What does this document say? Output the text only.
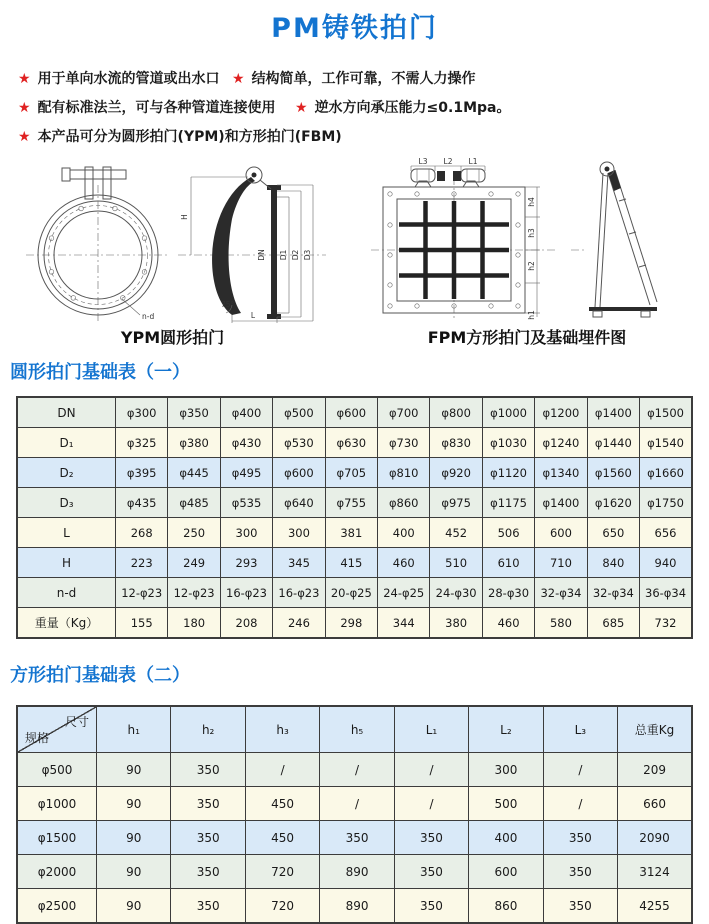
PM铸铁拍门
★ 用于单向水流的管道或出水口 ★ 结构简单，工作可靠，不需人力操作
★ 配有标准法兰，可与各种管道连接使用 ★ 逆水方向承压能力≤0.1Mpa。
★ 本产品可分为圆形拍门(YPM)和方形拍门(FBM)
n-d
H
DN D1 D2 D3
75°
L
YPM圆形拍门
L3 L2 L1
h4
h3
h2
h1
FPM方形拍门及基础埋件图
圆形拍门基础表（一）
DN	φ300	φ350	φ400	φ500	φ600	φ700	φ800	φ1000	φ1200	φ1400	φ1500
D₁	φ325	φ380	φ430	φ530	φ630	φ730	φ830	φ1030	φ1240	φ1440	φ1540
D₂	φ395	φ445	φ495	φ600	φ705	φ810	φ920	φ1120	φ1340	φ1560	φ1660
D₃	φ435	φ485	φ535	φ640	φ755	φ860	φ975	φ1175	φ1400	φ1620	φ1750
L	268	250	300	300	381	400	452	506	600	650	656
H	223	249	293	345	415	460	510	610	710	840	940
n-d	12-φ23	12-φ23	16-φ23	16-φ23	20-φ25	24-φ25	24-φ30	28-φ30	32-φ34	32-φ34	36-φ34
重量（Kg）	155	180	208	246	298	344	380	460	580	685	732
方形拍门基础表（二）
尺寸
规格	h₁	h₂	h₃	h₅	L₁	L₂	L₃	总重Kg
φ500	90	350	/	/	/	300	/	209
φ1000	90	350	450	/	/	500	/	660
φ1500	90	350	450	350	350	400	350	2090
φ2000	90	350	720	890	350	600	350	3124
φ2500	90	350	720	890	350	860	350	4255
